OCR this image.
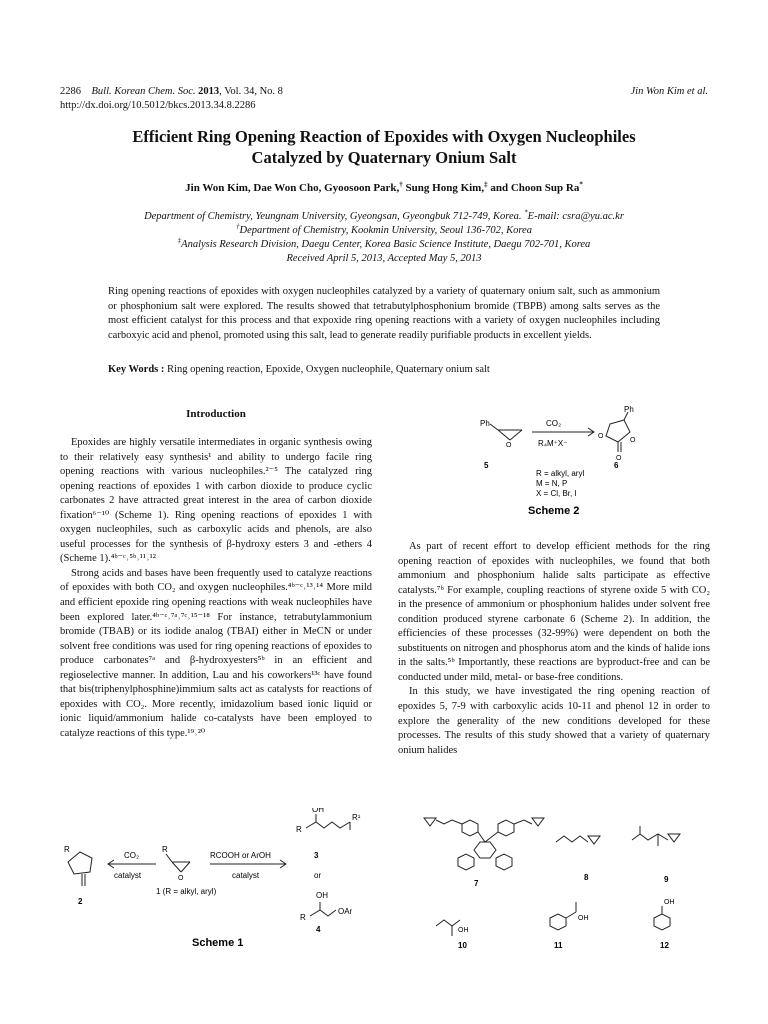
2286 Bull. Korean Chem. Soc. 2013, Vol. 34, No. 8
http://dx.doi.org/10.5012/bkcs.2013.34.8.2286
Jin Won Kim et al.
Efficient Ring Opening Reaction of Epoxides with Oxygen Nucleophiles
Catalyzed by Quaternary Onium Salt
Jin Won Kim, Dae Won Cho, Gyoosoon Park,† Sung Hong Kim,‡ and Choon Sup Ra*
Department of Chemistry, Yeungnam University, Gyeongsan, Gyeongbuk 712-749, Korea. *E-mail: csra@yu.ac.kr
†Department of Chemistry, Kookmin University, Seoul 136-702, Korea
‡Analysis Research Division, Daegu Center, Korea Basic Science Institute, Daegu 702-701, Korea
Received April 5, 2013, Accepted May 5, 2013
Ring opening reactions of epoxides with oxygen nucleophiles catalyzed by a variety of quaternary onium salt, such as ammonium or phosphonium salt were explored. The results showed that tetrabutylphosphonium bromide (TBPB) among salts serves as the most efficient catalyst for this process and that expoxide ring opening reactions with a variety of oxygen nucleophiles including carboxyic acid and phenol, promoted using this salt, lead to generate readily purifiable products in excellent yields.
Key Words : Ring opening reaction, Epoxide, Oxygen nucleophile, Quaternary onium salt
Introduction

Epoxides are highly versatile intermediates in organic synthesis owing to their relatively easy synthesis¹ and ability to undergo facile ring opening reactions with various nucleophiles.²⁻⁵ The catalyzed ring opening reactions of epoxides 1 with carbon dioxide to produce cyclic carbonates 2 have attracted great interest in the area of carbon dioxide fixation⁶⁻¹⁰ (Scheme 1). Ring opening reactions of epoxides 1 with oxygen nucleophiles, such as carboxylic acids and phenols, are also useful processes for the synthesis of β-hydroxy esters 3 and -ethers 4 (Scheme 1).⁴ᵇ⁻ᶜ˒⁵ᵇ˒¹¹˒¹²

Strong acids and bases have been frequently used to catalyze reactions of epoxides with both CO₂ and oxygen nucleophiles.⁴ᵇ⁻ᶜ˒¹³˒¹⁴ More mild and efficient epoxide ring opening reactions with weak nucleophiles have been explored later.⁴ᵇ⁻ᶜ˒⁷ᵃ˒⁷ᶜ˒¹⁵⁻¹⁸ For instance, tetrabutylammonium bromide (TBAB) or its iodide analog (TBAI) either in MeCN or under solvent free conditions was used for ring opening reactions of epoxides to produce carbonates⁷ᵃ and β-hydroxyesters⁵ᵇ in an efficient and regioselective manner. In addition, Lau and his coworkers¹³ᶜ have found that bis(triphenylphosphine)immium salts act as catalysts for reactions of epoxides with CO₂. More recently, imidazolium based ionic liquid or ionic liquid/ammonium halide co-catalysts have been employed to catalyze reactions of this type.¹⁹˒²⁰

Ph
O
Ph
O
O
O
CO₂
R₄M⁺X⁻
5	6
R = alkyl, aryl
M = N, P
X = Cl, Br, I
Scheme 2

As part of recent effort to develop efficient methods for the ring opening reaction of epoxides with nucleophiles, we found that both ammonium and phosphonium halide salts participate as effective catalysts.⁷ᵇ For example, coupling reactions of styrene oxide 5 with CO₂ in the presence of ammonium or phosphonium halides under solvent free condition produced styrene carbonate 6 (Scheme 2). In addition, the efficiencies of these processes (32-99%) were dependent on both the substituents on nitrogen and phosphorus atom and the kinds of halide ions in the salts.⁵ᵇ Importantly, these reactions are byproduct-free and can be conducted under mild, metal- or base-free conditions.

In this study, we have investigated the ring opening reaction of epoxides 5, 7-9 with carboxylic acids 10-11 and phenol 12 in order to explore the generality of the new conditions developed for these processes. The results of this study showed that a variety of quaternary onium halides

R
CO₂
catalyst
2
R
O
1 (R = alkyl, aryl)
RCOOH or ArOH
catalyst
OH
R
R¹
3
or
OH
R
OAr
4
Scheme 1
7
8	9
10	11	12
OH
OH
OH
